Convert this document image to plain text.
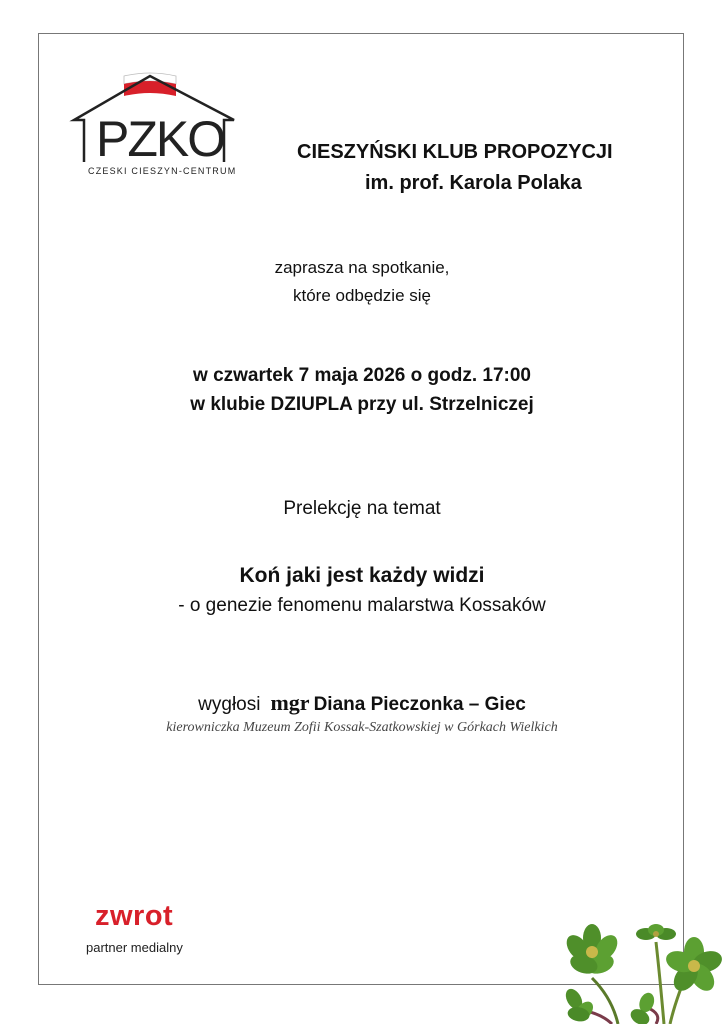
PZKO
CZESKI CIESZYN-CENTRUM
CIESZYŃSKI KLUB PROPOZYCJI
im. prof. Karola Polaka
zaprasza na spotkanie,
które odbędzie się
w czwartek 7 maja 2026 o godz. 17:00
w klubie DZIUPLA przy ul. Strzelniczej
Prelekcję na temat
Koń jaki jest każdy widzi
- o genezie fenomenu malarstwa Kossaków
wygłosi mgr Diana Pieczonka – Giec
kierowniczka Muzeum Zofii Kossak-Szatkowskiej w Górkach Wielkich
zwrot
partner medialny
